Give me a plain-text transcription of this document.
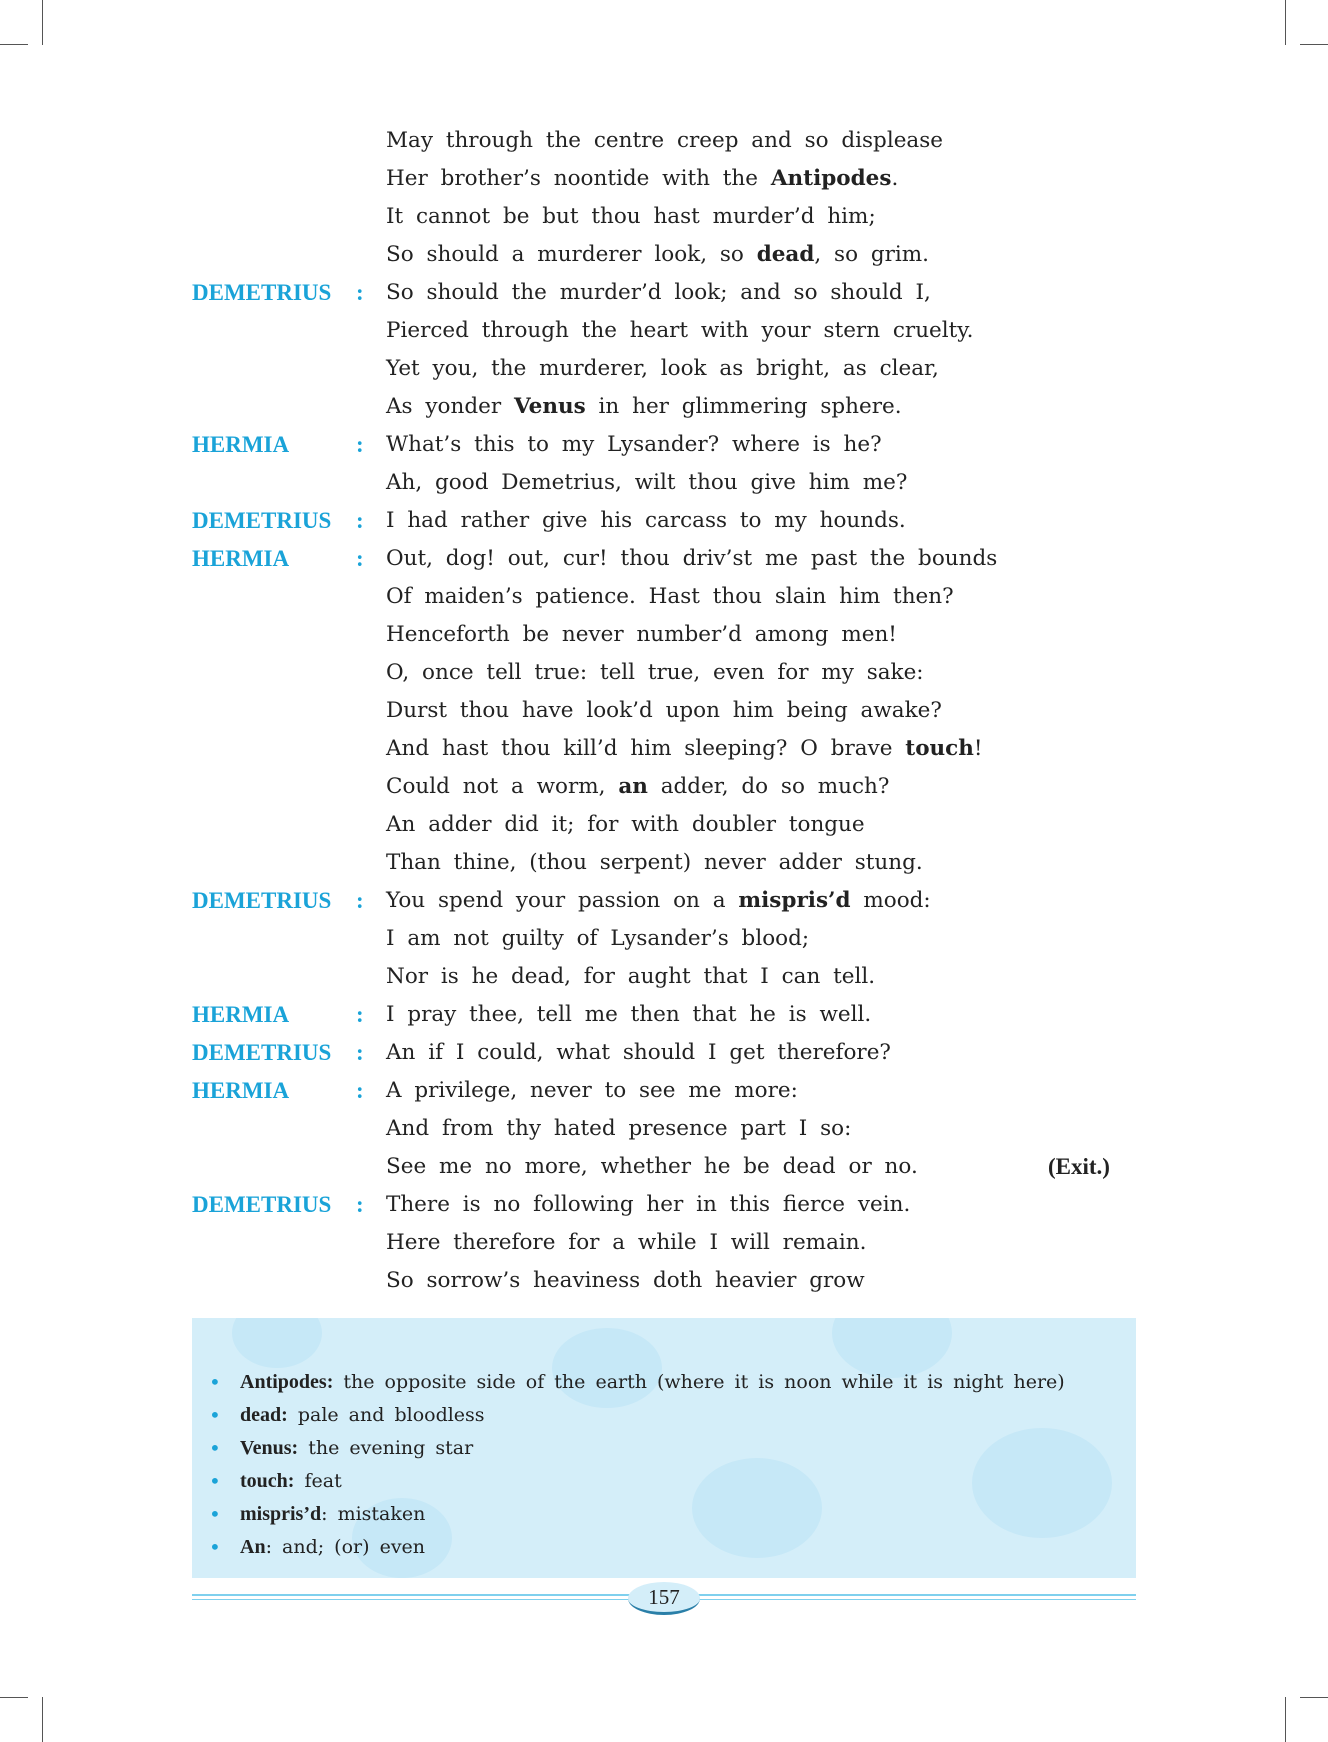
May through the centre creep and so displease
Her brother’s noontide with the Antipodes.
It cannot be but thou hast murder’d him;
So should a murderer look, so dead, so grim.
DEMETRIUS : So should the murder’d look; and so should I,
Pierced through the heart with your stern cruelty.
Yet you, the murderer, look as bright, as clear,
As yonder Venus in her glimmering sphere.
HERMIA	: What’s this to my Lysander? where is he?
Ah, good Demetrius, wilt thou give him me?
DEMETRIUS : I had rather give his carcass to my hounds.
HERMIA	: Out, dog! out, cur! thou driv’st me past the bounds
Of maiden’s patience. Hast thou slain him then?
Henceforth be never number’d among men!
O, once tell true: tell true, even for my sake:
Durst thou have look’d upon him being awake?
And hast thou kill’d him sleeping? O brave touch!
Could not a worm, an adder, do so much?
An adder did it; for with doubler tongue
Than thine, (thou serpent) never adder stung.
DEMETRIUS : You spend your passion on a mispris’d mood:
I am not guilty of Lysander’s blood;
Nor is he dead, for aught that I can tell.
HERMIA	: I pray thee, tell me then that he is well.
DEMETRIUS : An if I could, what should I get therefore?
HERMIA	: A privilege, never to see me more:
And from thy hated presence part I so:
See me no more, whether he be dead or no.	(Exit.)
DEMETRIUS : There is no following her in this fierce vein.
Here therefore for a while I will remain.
So sorrow’s heaviness doth heavier grow
• Antipodes: the opposite side of the earth (where it is noon while it is night here)
• dead: pale and bloodless
• Venus: the evening star
• touch: feat
• mispris’d: mistaken
• An: and; (or) even
157
